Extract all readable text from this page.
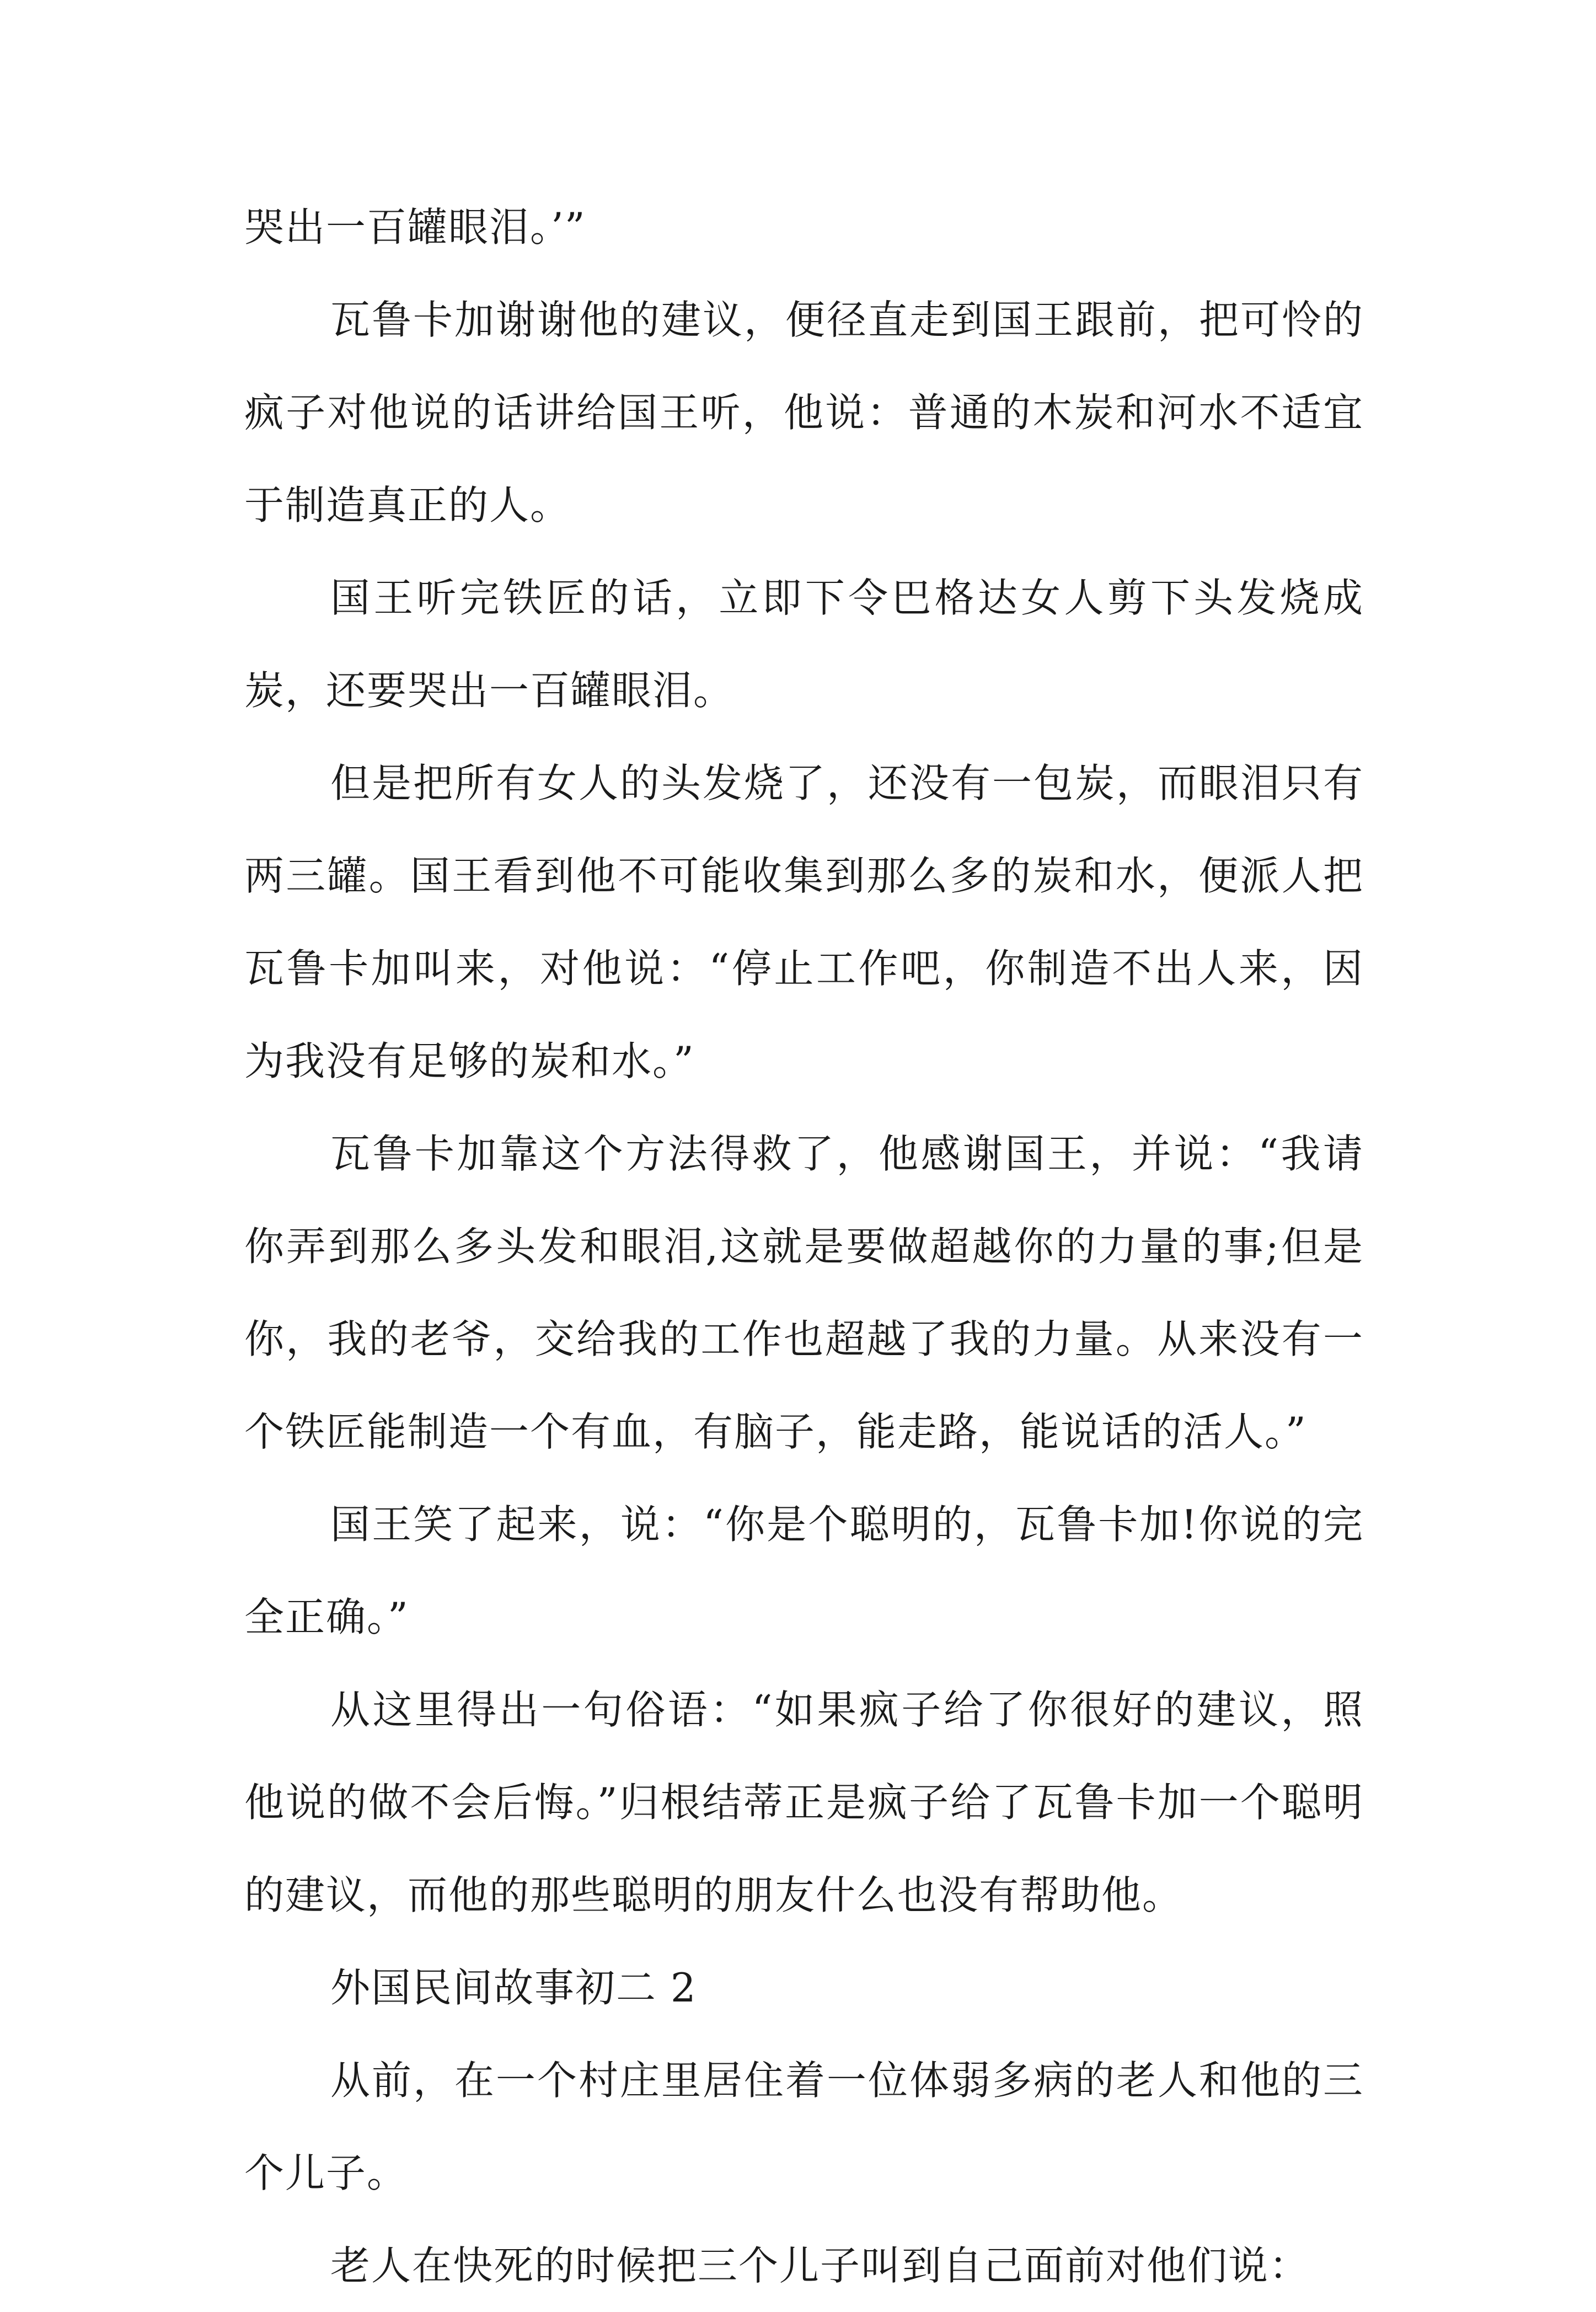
哭出一百罐眼泪。’”

瓦鲁卡加谢谢他的建议，便径直走到国王跟前，把可怜的疯子对他说的话讲给国王听，他说：普通的木炭和河水不适宜于制造真正的人。

国王听完铁匠的话，立即下令巴格达女人剪下头发烧成炭，还要哭出一百罐眼泪。

但是把所有女人的头发烧了，还没有一包炭，而眼泪只有两三罐。国王看到他不可能收集到那么多的炭和水，便派人把瓦鲁卡加叫来，对他说：“停止工作吧，你制造不出人来，因为我没有足够的炭和水。”

瓦鲁卡加靠这个方法得救了，他感谢国王，并说：“我请你弄到那么多头发和眼泪,这就是要做超越你的力量的事;但是你，我的老爷，交给我的工作也超越了我的力量。从来没有一个铁匠能制造一个有血，有脑子，能走路，能说话的活人。”

国王笑了起来，说：“你是个聪明的，瓦鲁卡加!你说的完全正确。”

从这里得出一句俗语：“如果疯子给了你很好的建议，照他说的做不会后悔。”归根结蒂正是疯子给了瓦鲁卡加一个聪明的建议，而他的那些聪明的朋友什么也没有帮助他。

外国民间故事初二 2

从前，在一个村庄里居住着一位体弱多病的老人和他的三个儿子。

老人在快死的时候把三个儿子叫到自己面前对他们说：
